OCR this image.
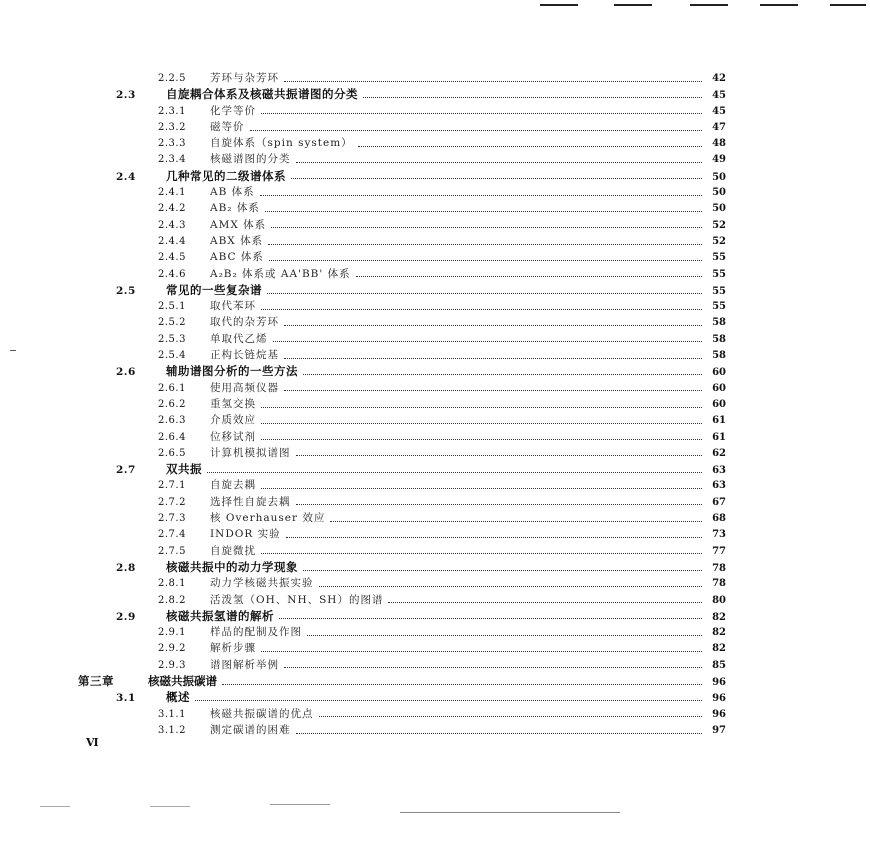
2.2.5	芳环与杂芳环	42
2.3	自旋耦合体系及核磁共振谱图的分类	45
2.3.1	化学等价	45
2.3.2	磁等价	47
2.3.3	自旋体系（spin system）	48
2.3.4	核磁谱图的分类	49
2.4	几种常见的二级谱体系	50
2.4.1	AB 体系	50
2.4.2	AB₂ 体系	50
2.4.3	AMX 体系	52
2.4.4	ABX 体系	52
2.4.5	ABC 体系	55
2.4.6	A₂B₂ 体系或 AA'BB' 体系	55
2.5	常见的一些复杂谱	55
2.5.1	取代苯环	55
2.5.2	取代的杂芳环	58
2.5.3	单取代乙烯	58
2.5.4	正构长链烷基	58
2.6	辅助谱图分析的一些方法	60
2.6.1	使用高频仪器	60
2.6.2	重氢交换	60
2.6.3	介质效应	61
2.6.4	位移试剂	61
2.6.5	计算机模拟谱图	62
2.7	双共振	63
2.7.1	自旋去耦	63
2.7.2	选择性自旋去耦	67
2.7.3	核 Overhauser 效应	68
2.7.4	INDOR 实验	73
2.7.5	自旋微扰	77
2.8	核磁共振中的动力学现象	78
2.8.1	动力学核磁共振实验	78
2.8.2	活泼氢（OH、NH、SH）的图谱	80
2.9	核磁共振氢谱的解析	82
2.9.1	样品的配制及作图	82
2.9.2	解析步骤	82
2.9.3	谱图解析举例	85
第三章	核磁共振碳谱	96
3.1	概述	96
3.1.1	核磁共振碳谱的优点	96
3.1.2	测定碳谱的困难	97
Ⅵ
